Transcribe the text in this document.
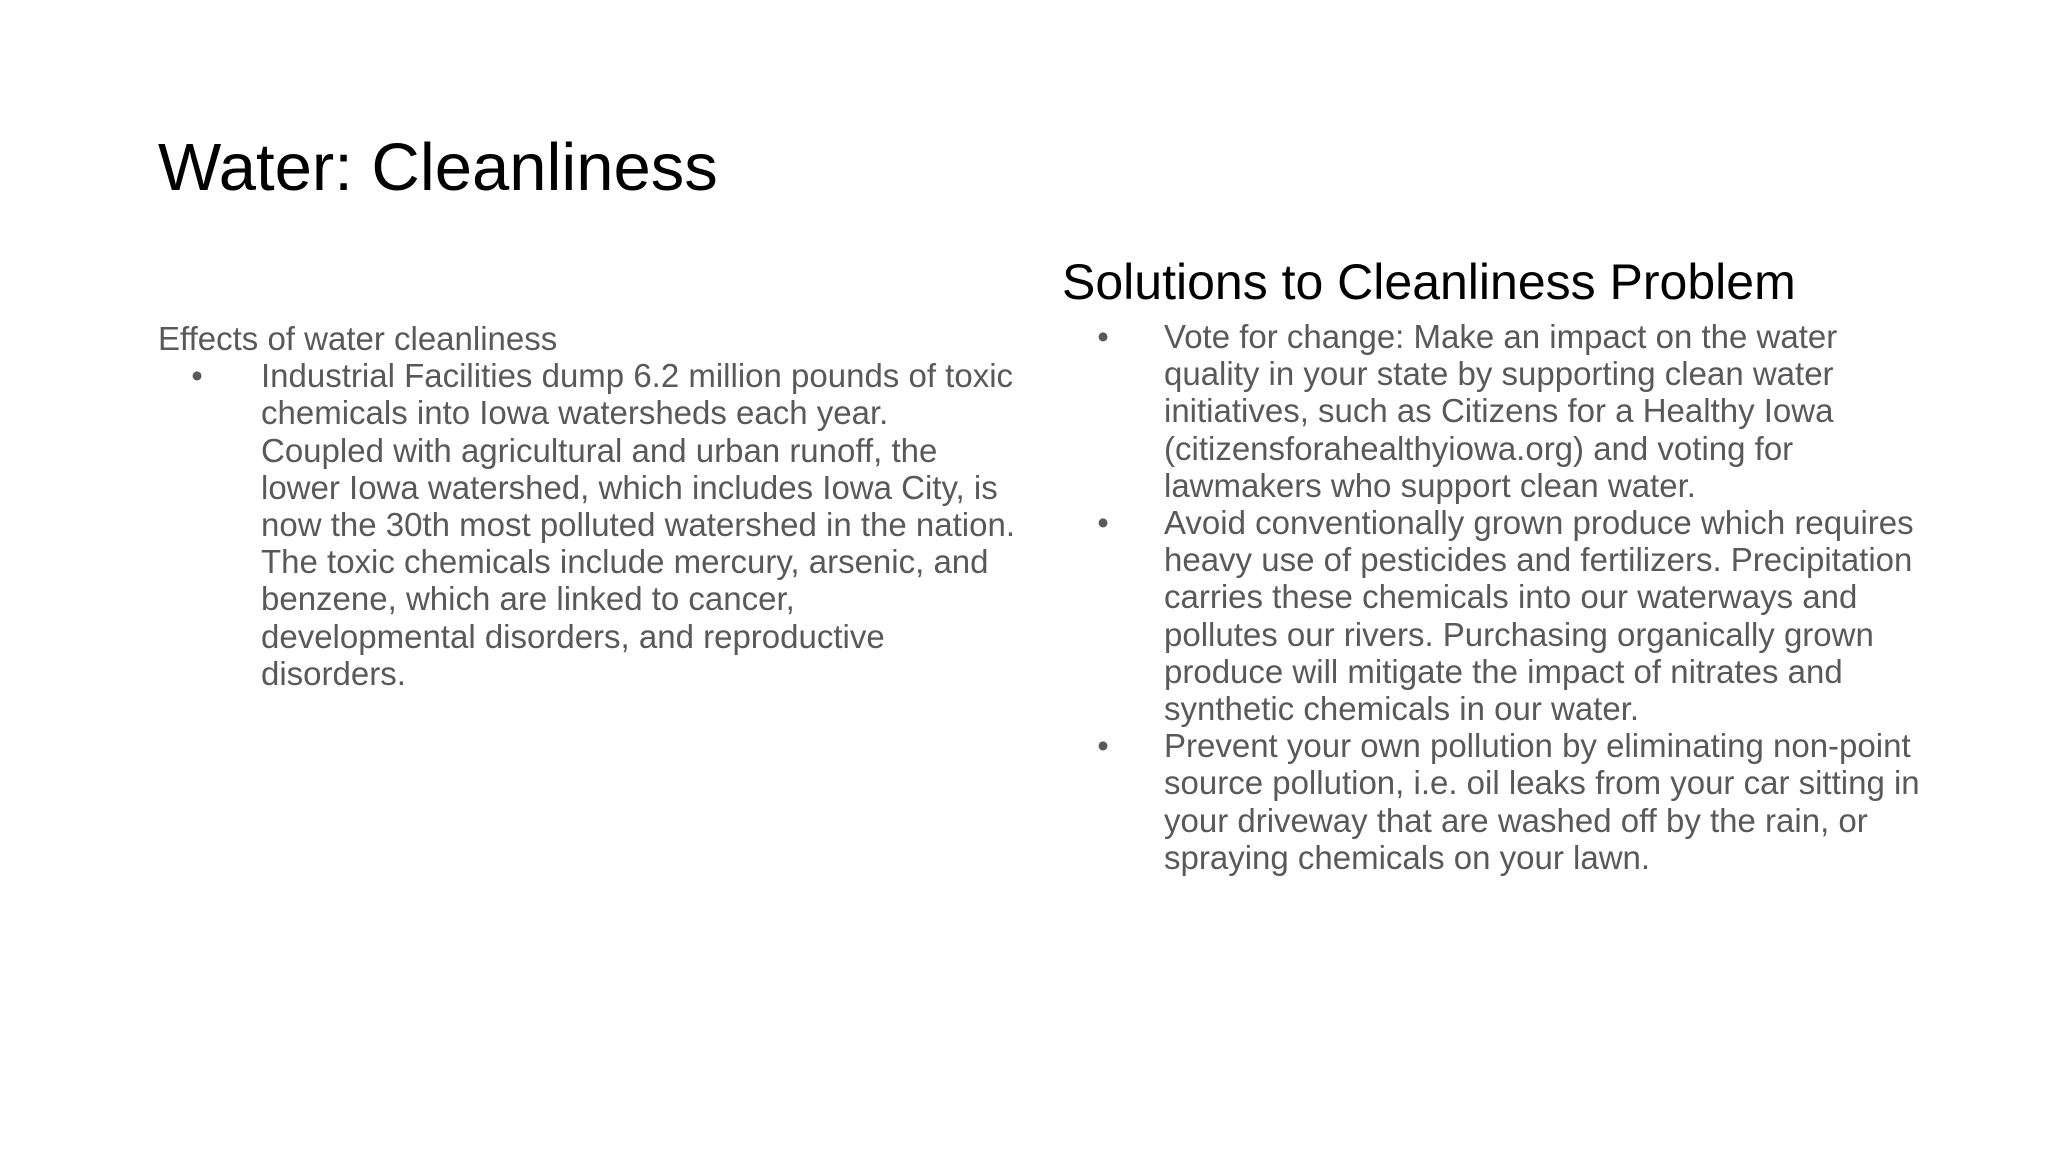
Water: Cleanliness

Effects of water cleanliness

• Industrial Facilities dump 6.2 million pounds of toxic chemicals into Iowa watersheds each year. Coupled with agricultural and urban runoff, the lower Iowa watershed, which includes Iowa City, is now the 30th most polluted watershed in the nation. The toxic chemicals include mercury, arsenic, and benzene, which are linked to cancer, developmental disorders, and reproductive disorders.
Solutions to Cleanliness Problem
• Vote for change: Make an impact on the water quality in your state by supporting clean water initiatives, such as Citizens for a Healthy Iowa (citizensforahealthyiowa.org) and voting for lawmakers who support clean water.
• Avoid conventionally grown produce which requires heavy use of pesticides and fertilizers. Precipitation carries these chemicals into our waterways and pollutes our rivers. Purchasing organically grown produce will mitigate the impact of nitrates and synthetic chemicals in our water.
• Prevent your own pollution by eliminating non-point source pollution, i.e. oil leaks from your car sitting in your driveway that are washed off by the rain, or spraying chemicals on your lawn.
